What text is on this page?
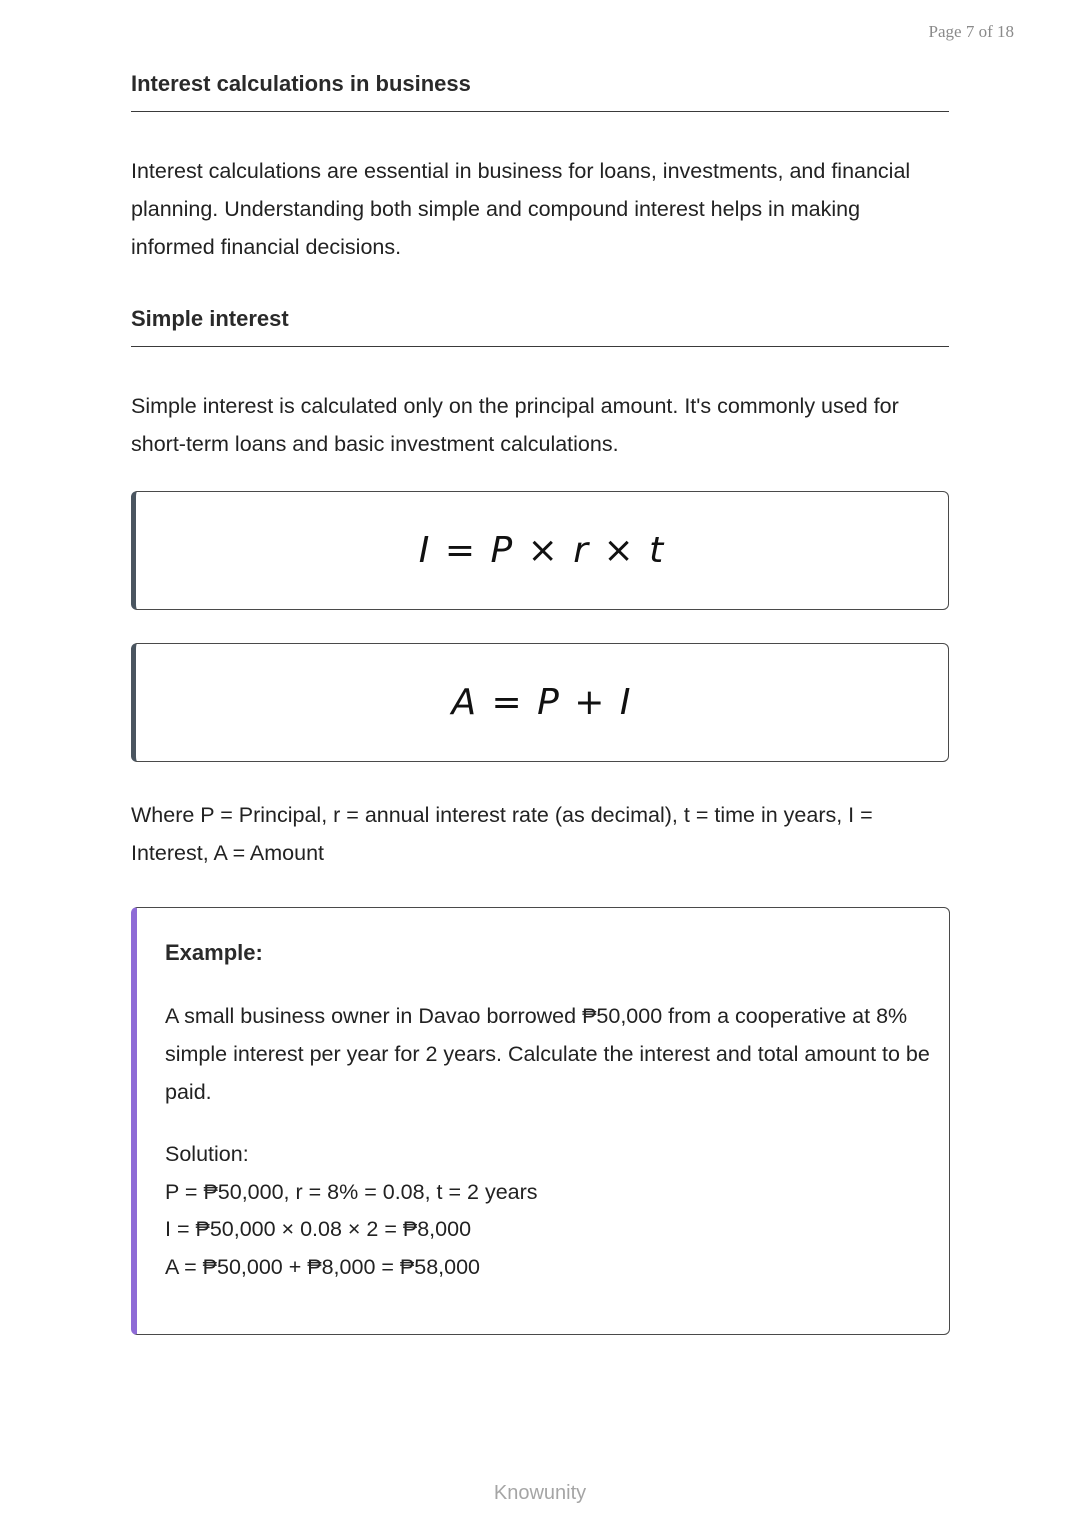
Page 7 of 18
Interest calculations in business
Interest calculations are essential in business for loans, investments, and financial planning. Understanding both simple and compound interest helps in making informed financial decisions.
Simple interest
Simple interest is calculated only on the principal amount. It's commonly used for short-term loans and basic investment calculations.
I = P × r × t
A = P + I
Where P = Principal, r = annual interest rate (as decimal), t = time in years, I = Interest, A = Amount
Example:
A small business owner in Davao borrowed ₱50,000 from a cooperative at 8% simple interest per year for 2 years. Calculate the interest and total amount to be paid.
Solution:
P = ₱50,000, r = 8% = 0.08, t = 2 years
I = ₱50,000 × 0.08 × 2 = ₱8,000
A = ₱50,000 + ₱8,000 = ₱58,000
Knowunity
